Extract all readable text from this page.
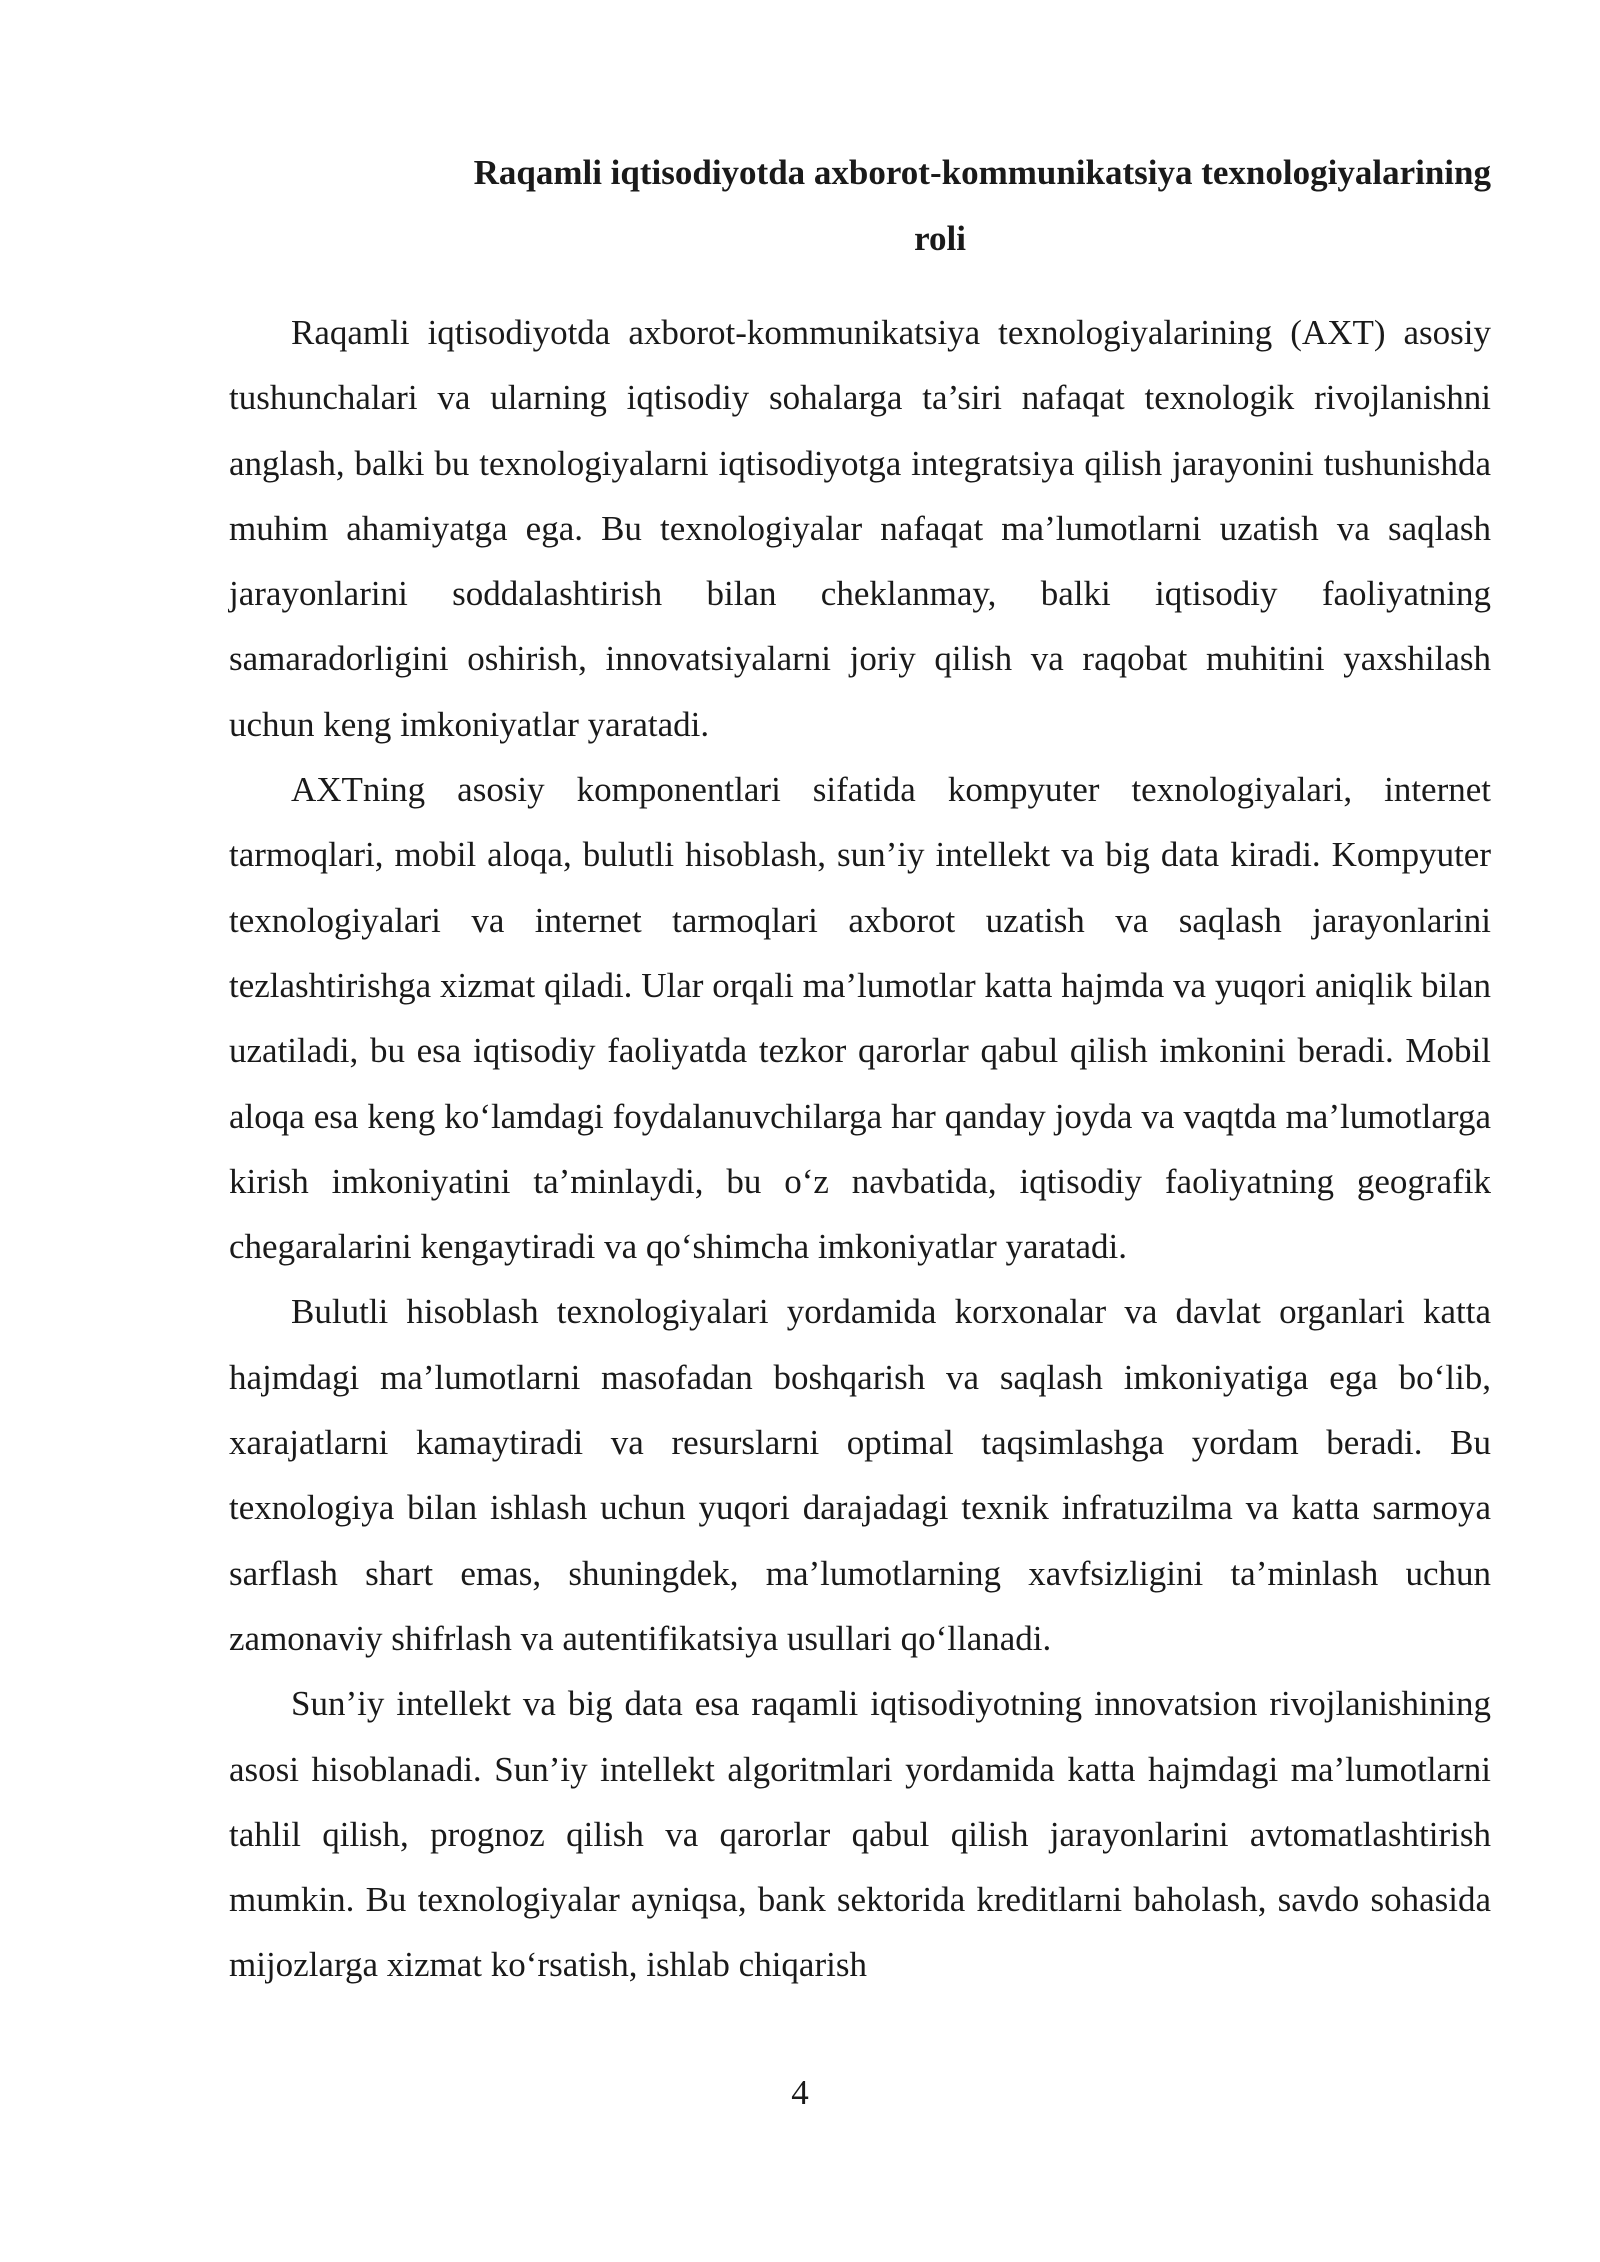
Raqamli iqtisodiyotda axborot-kommunikatsiya texnologiyalarining
roli

Raqamli iqtisodiyotda axborot-kommunikatsiya texnologiyalarining (AXT) asosiy tushunchalari va ularning iqtisodiy sohalarga ta’siri nafaqat texnologik rivojlanishni anglash, balki bu texnologiyalarni iqtisodiyotga integratsiya qilish jarayonini tushunishda muhim ahamiyatga ega. Bu texnologiyalar nafaqat ma’lumotlarni uzatish va saqlash jarayonlarini soddalashtirish bilan cheklanmay, balki iqtisodiy faoliyatning samaradorligini oshirish, innovatsiyalarni joriy qilish va raqobat muhitini yaxshilash uchun keng imkoniyatlar yaratadi.

AXTning asosiy komponentlari sifatida kompyuter texnologiyalari, internet tarmoqlari, mobil aloqa, bulutli hisoblash, sun’iy intellekt va big data kiradi. Kompyuter texnologiyalari va internet tarmoqlari axborot uzatish va saqlash jarayonlarini tezlashtirishga xizmat qiladi. Ular orqali ma’lumotlar katta hajmda va yuqori aniqlik bilan uzatiladi, bu esa iqtisodiy faoliyatda tezkor qarorlar qabul qilish imkonini beradi. Mobil aloqa esa keng ko‘lamdagi foydalanuvchilarga har qanday joyda va vaqtda ma’lumotlarga kirish imkoniyatini ta’minlaydi, bu o‘z navbatida, iqtisodiy faoliyatning geografik chegaralarini kengaytiradi va qo‘shimcha imkoniyatlar yaratadi.

Bulutli hisoblash texnologiyalari yordamida korxonalar va davlat organlari katta hajmdagi ma’lumotlarni masofadan boshqarish va saqlash imkoniyatiga ega bo‘lib, xarajatlarni kamaytiradi va resurslarni optimal taqsimlashga yordam beradi. Bu texnologiya bilan ishlash uchun yuqori darajadagi texnik infratuzilma va katta sarmoya sarflash shart emas, shuningdek, ma’lumotlarning xavfsizligini ta’minlash uchun zamonaviy shifrlash va autentifikatsiya usullari qo‘llanadi.

Sun’iy intellekt va big data esa raqamli iqtisodiyotning innovatsion rivojlanishining asosi hisoblanadi. Sun’iy intellekt algoritmlari yordamida katta hajmdagi ma’lumotlarni tahlil qilish, prognoz qilish va qarorlar qabul qilish jarayonlarini avtomatlashtirish mumkin. Bu texnologiyalar ayniqsa, bank sektorida kreditlarni baholash, savdo sohasida mijozlarga xizmat ko‘rsatish, ishlab chiqarish

4
